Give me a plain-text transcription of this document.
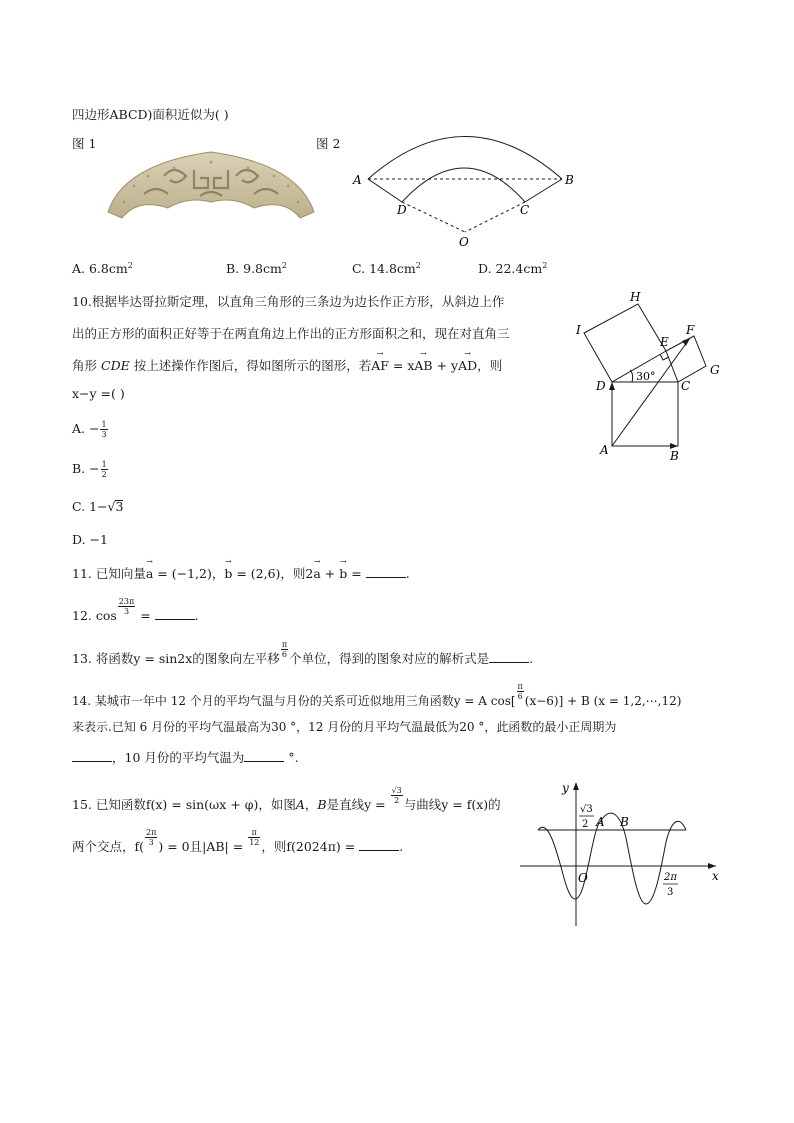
四边形ABCD)面积近似为( )
图 1	图 2
A	B
D	C
O
A. $6.8cm^2$	B. $9.8cm^2$	C. $14.8cm^2$	D. $22.4cm^2$
10.根据毕达哥拉斯定理，以直角三角形的三条边为边长作正方形，从斜边上作
出的正方形的面积正好等于在两直角边上作出的正方形面积之和，现在对直角三
角形 CDE 按上述操作作图后，得如图所示的图形，若→ AF = x→ AB + y→ AD，则
x−y =( )
A. − $\frac{1}{3}$
B. − $\frac{1}{2}$
C. 1−√3
D. −1
H
I
E
F
G
D	C
A	B
30°
11. 已知向量→ a = (−1,2)，→ b = (2,6)，则2→ a + → b =	.
12. $\cos \frac{23\pi}{3}$ =	.
13. 将函数y = sin2x的图象向左平移 $\frac{\pi}{6}$ 个单位，得到的图象对应的解析式是	.
14. 某城市一年中 12 个月的平均气温与月份的关系可近似地用三角函数y = A $\cos[ \frac{\pi}{6} (x-6)] + B$ (x = 1,2,⋯,12)
来表示.已知 6 月份的平均气温最高为30 °，12 月份的月平均气温最低为20 °，此函数的最小正周期为
，10 月份的平均气温为	°.
15. 已知函数f(x) = sin(ωx + φ)，如图A，B是直线$y = \frac{√3}{2}$ 与曲线y = f(x)的
两个交点，$f( \frac{2\pi}{3}$ ) = 0且$|AB| = \frac{\pi}{12}$ ，则f(2024π) =	.
y
x
O
A B
√3
2
2π
3
